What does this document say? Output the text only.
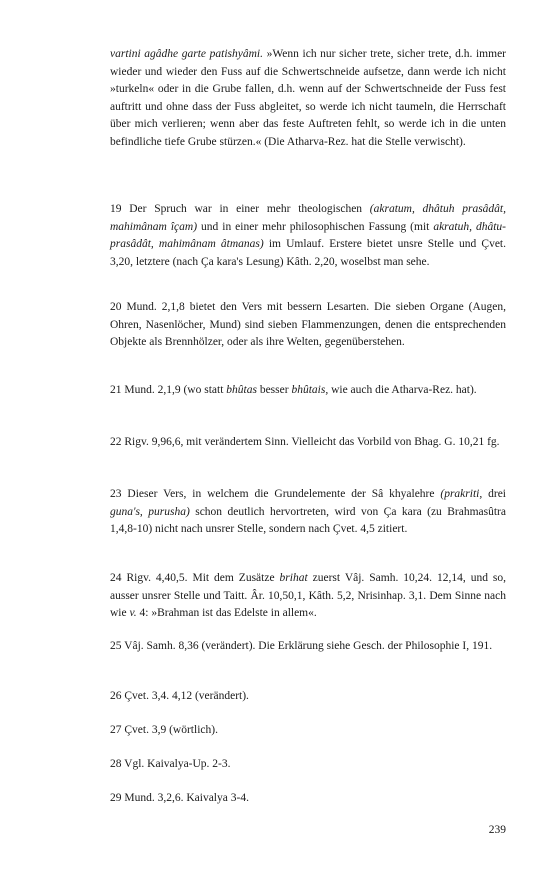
vartini agâdhe garte patishyâmi. »Wenn ich nur sicher trete, sicher trete, d.h. immer wieder und wieder den Fuss auf die Schwertschneide aufsetze, dann werde ich nicht »turkeln« oder in die Grube fallen, d.h. wenn auf der Schwertschneide der Fuss fest auftritt und ohne dass der Fuss abgleitet, so werde ich nicht taumeln, die Herrschaft über mich verlieren; wenn aber das feste Auftreten fehlt, so werde ich in die unten befindliche tiefe Grube stürzen.« (Die Atharva-Rez. hat die Stelle verwischt).

19 Der Spruch war in einer mehr theologischen (akratum, dhâtuh prasâdât, mahimânam îçam) und in einer mehr philosophischen Fassung (mit akratuh, dhâtu-prasâdât, mahimânam âtmanas) im Umlauf. Erstere bietet unsre Stelle und Çvet. 3,20, letztere (nach Ça kara's Lesung) Kâth. 2,20, woselbst man sehe.

20 Mund. 2,1,8 bietet den Vers mit bessern Lesarten. Die sieben Organe (Augen, Ohren, Nasenlöcher, Mund) sind sieben Flammenzungen, denen die entsprechenden Objekte als Brennhölzer, oder als ihre Welten, gegenüberstehen.

21 Mund. 2,1,9 (wo statt bhûtas besser bhûtais, wie auch die Atharva-Rez. hat).

22 Rigv. 9,96,6, mit verändertem Sinn. Vielleicht das Vorbild von Bhag. G. 10,21 fg.

23 Dieser Vers, in welchem die Grundelemente der Sâ khyalehre (prakriti, drei guna's, purusha) schon deutlich hervortreten, wird von Ça kara (zu Brahmasûtra 1,4,8-10) nicht nach unsrer Stelle, sondern nach Çvet. 4,5 zitiert.

24 Rigv. 4,40,5. Mit dem Zusätze brihat zuerst Vâj. Samh. 10,24. 12,14, und so, ausser unsrer Stelle und Taitt. Âr. 10,50,1, Kâth. 5,2, Nrisinhap. 3,1. Dem Sinne nach wie v. 4: »Brahman ist das Edelste in allem«.

25 Vâj. Samh. 8,36 (verändert). Die Erklärung siehe Gesch. der Philosophie I, 191.

26 Çvet. 3,4. 4,12 (verändert).

27 Çvet. 3,9 (wörtlich).

28 Vgl. Kaivalya-Up. 2-3.

29 Mund. 3,2,6. Kaivalya 3-4.

239
